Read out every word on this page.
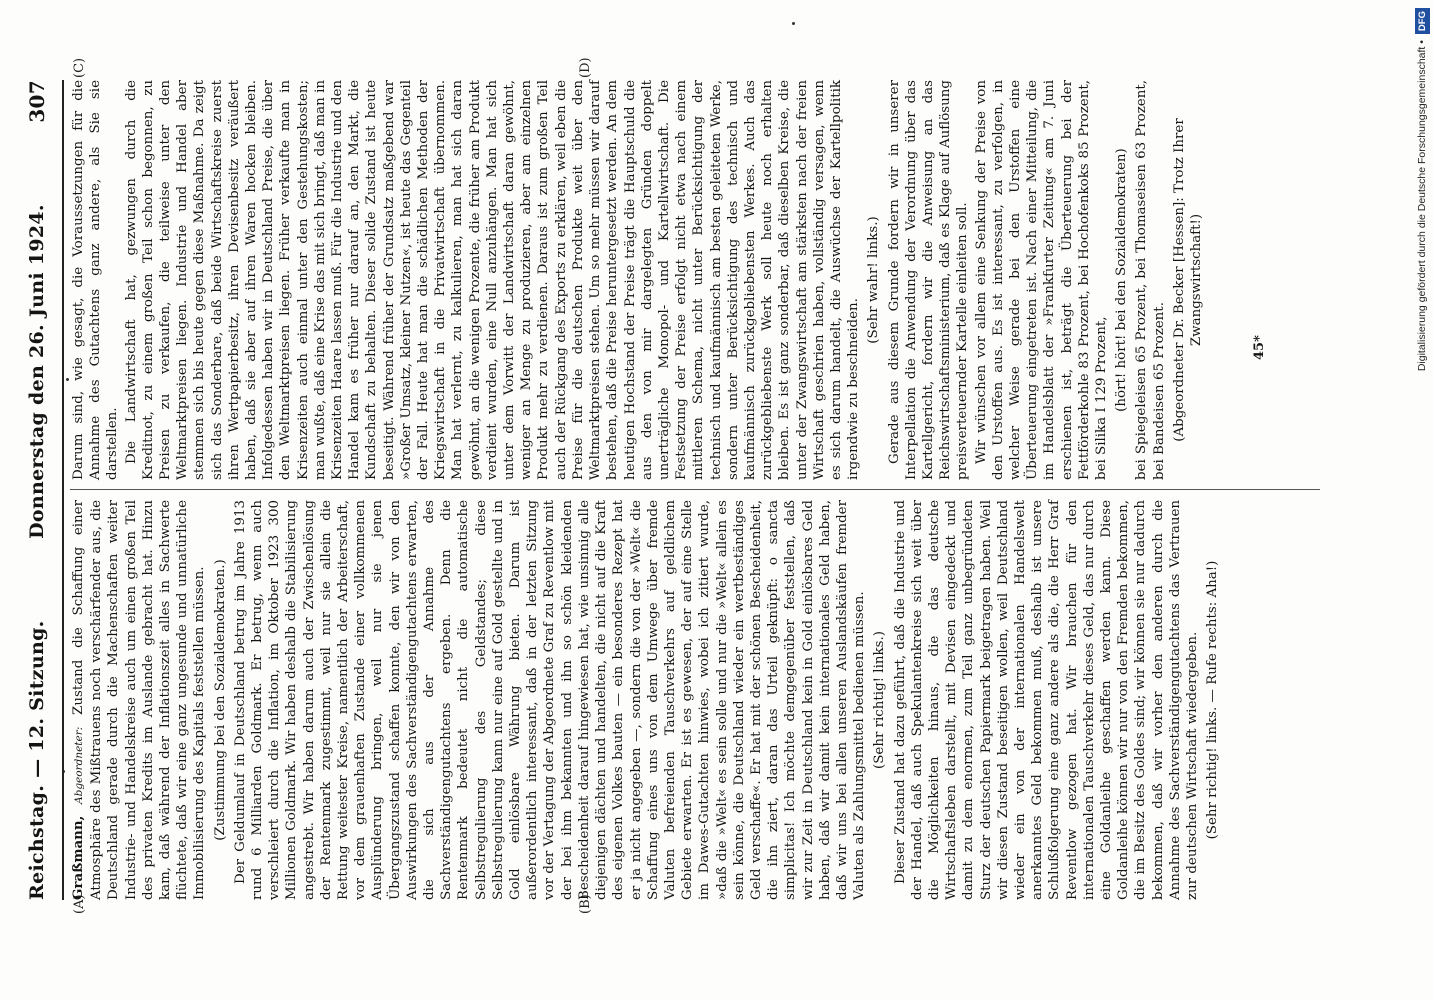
Reichstag. — 12. Sitzung.
Donnerstag den 26. Juni 1924.
307
(A)	(B)
(C)	(D)

Graßmann, Abgeordneter: Zustand die Schaffung einer Atmosphäre des Mißtrauens noch verschärfender aus, die Deutschland gerade durch die Machenschaften weiter Industrie- und Handelskreise auch um einen großen Teil des privaten Kredits im Auslande gebracht hat. Hinzu kam, daß während der Inflationszeit alles in Sachwerte flüchtete, daß wir eine ganz ungesunde und unnatürliche Immobilisierung des Kapitals feststellen müssen. (Zustimmung bei den Sozialdemokraten.) Der Geldumlauf in Deutschland betrug im Jahre 1913 rund 6 Milliarden Goldmark. Er betrug, wenn auch verschleiert durch die Inflation, im Oktober 1923 300 Millionen Goldmark. Wir haben deshalb die Stabilisierung angestrebt. Wir haben darum auch der Zwischenlösung der Rentenmark zugestimmt, weil nur sie allein die Rettung weitester Kreise, namentlich der Arbeiterschaft, vor dem grauenhaften Zustande einer vollkommenen Ausplünderung bringen, weil nur sie jenen Übergangszustand schaffen konnte, den wir von den Auswirkungen des Sachverständigengutachtens erwarten, die sich aus der Annahme des Sachverständigengutachtens ergeben. Denn die Rentenmark bedeutet nicht die automatische Selbstregulierung des Geldstandes; diese Selbstregulierung kann nur eine auf Gold gestellte und in Gold einlösbare Währung bieten. Darum ist außerordentlich interessant, daß in der letzten Sitzung vor der Vertagung der Abgeordnete Graf zu Reventlow mit der bei ihm bekannten und ihn so schön kleidenden Bescheidenheit darauf hingewiesen hat, wie unsinnig alle diejenigen dächten und handelten, die nicht auf die Kraft des eigenen Volkes bauten — ein besonderes Rezept hat er ja nicht angegeben —, sondern die von der »Welt« die Schaffung eines uns von dem Umwege über fremde Valuten befreienden Tauschverkehrs auf geldlichem Gebiete erwarten. Er ist es gewesen, der auf eine Stelle im Dawes-Gutachten hinwies, wobei ich zitiert wurde, »daß die »Welt« es sein solle und nur die »Welt« allein es sein könne, die Deutschland wieder ein wertbeständiges Geld verschaffe«. Er hat mit der schönen Bescheidenheit, die ihn ziert, daran das Urteil geknüpft: o sancta simplicitas! Ich möchte demgegenüber feststellen, daß wir zur Zeit in Deutschland kein in Gold einlösbares Geld haben, daß wir damit kein internationales Geld haben, daß wir uns bei allen unseren Auslandskäufen fremder Valuten als Zahlungsmittel bedienen müssen. (Sehr richtig! links.) Dieser Zustand hat dazu geführt, daß die Industrie und der Handel, daß auch Spekulantenkreise sich weit über die Möglichkeiten hinaus, die das deutsche Wirtschaftsleben darstellt, mit Devisen eingedeckt und damit zu dem enormen, zum Teil ganz unbegründeten Sturz der deutschen Papiermark beigetragen haben. Weil wir diesen Zustand beseitigen wollen, weil Deutschland wieder ein von der internationalen Handelswelt anerkanntes Geld bekommen muß, deshalb ist unsere Schlußfolgerung eine ganz andere als die, die Herr Graf Reventlow gezogen hat. Wir brauchen für den internationalen Tauschverkehr dieses Geld, das nur durch eine Goldanleihe geschaffen werden kann. Diese Goldanleihe können wir nur von den Fremden bekommen, die im Besitz des Goldes sind; wir können sie nur dadurch bekommen, daß wir vorher den anderen durch die Annahme des Sachverständigengutachtens das Vertrauen zur deutschen Wirtschaft wiedergeben. (Sehr richtig! links. — Rufe rechts: Aha!)

Darum sind, wie gesagt, die Voraussetzungen für die Annahme des Gutachtens ganz andere, als Sie sie darstellen. Die Landwirtschaft hat, gezwungen durch die Kreditnot, zu einem großen Teil schon begonnen, zu Preisen zu verkaufen, die teilweise unter den Weltmarktpreisen liegen. Industrie und Handel aber stemmen sich bis heute gegen diese Maßnahme. Da zeigt sich das Sonderbare, daß beide Wirtschaftskreise zuerst ihren Wertpapierbesitz, ihren Devisenbesitz veräußert haben, daß sie aber auf ihren Waren hocken bleiben. Infolgedessen haben wir in Deutschland Preise, die über den Weltmarktpreisen liegen. Früher verkaufte man in Krisenzeiten auch einmal unter den Gestehungskosten; man wußte, daß eine Krise das mit sich bringt, daß man in Krisenzeiten Haare lassen muß. Für die Industrie und den Handel kam es früher nur darauf an, den Markt, die Kundschaft zu behalten. Dieser solide Zustand ist heute beseitigt. Während früher der Grundsatz maßgebend war »Großer Umsatz, kleiner Nutzen«, ist heute das Gegenteil der Fall. Heute hat man die schädlichen Methoden der Kriegswirtschaft in die Privatwirtschaft übernommen. Man hat verlernt, zu kalkulieren, man hat sich daran gewöhnt, an die wenigen Prozente, die früher am Produkt verdient wurden, eine Null anzuhängen. Man hat sich unter dem Vorwitt der Landwirtschaft daran gewöhnt, weniger an Menge zu produzieren, aber am einzelnen Produkt mehr zu verdienen. Daraus ist zum großen Teil auch der Rückgang des Exports zu erklären, weil eben die Preise für die deutschen Produkte weit über den Weltmarktpreisen stehen. Um so mehr müssen wir darauf bestehen, daß die Preise heruntergesetzt werden. An dem heutigen Hochstand der Preise trägt die Hauptschuld die aus den von mir dargelegten Gründen doppelt unerträgliche Monopol- und Kartellwirtschaft. Die Festsetzung der Preise erfolgt nicht etwa nach einem mittleren Schema, nicht unter Berücksichtigung der technisch und kaufmännisch am besten geleiteten Werke, sondern unter Berücksichtigung des technisch und kaufmännisch zurückgebliebensten Werkes. Auch das zurückgebliebenste Werk soll heute noch erhalten bleiben. Es ist ganz sonderbar, daß dieselben Kreise, die unter der Zwangswirtschaft am stärksten nach der freien Wirtschaft geschrien haben, vollständig versagen, wenn es sich darum handelt, die Auswüchse der Kartellpolitik irgendwie zu beschneiden.

(Sehr wahr! links.) Gerade aus diesem Grunde fordern wir in unserer Interpellation die Anwendung der Verordnung über das Kartellgericht, fordern wir die Anweisung an das Reichswirtschaftsministerium, daß es Klage auf Auflösung preisverteuernder Kartelle einleiten soll. Wir wünschen vor allem eine Senkung der Preise von den Urstoffen aus. Es ist interessant, zu verfolgen, in welcher Weise gerade bei den Urstoffen eine Überteuerung eingetreten ist. Nach einer Mitteilung, die im Handelsblatt der »Frankfurter Zeitung« am 7. Juni erschienen ist, beträgt die Überteuerung bei der Fettförderkohle 83 Prozent, bei Hochofenkoks 85 Prozent, bei Silika I 129 Prozent, (hört! hört! bei den Sozialdemokraten) bei Spiegeleisen 65 Prozent, bei Thomaseisen 63 Prozent, bei Bandeisen 65 Prozent. (Abgeordneter Dr. Becker [Hessen]: Trotz Ihrer Zwangswirtschaft!)

45*	Digitalisierung gefördert durch die Deutsche Forschungsgemeinschaft •
DFG
